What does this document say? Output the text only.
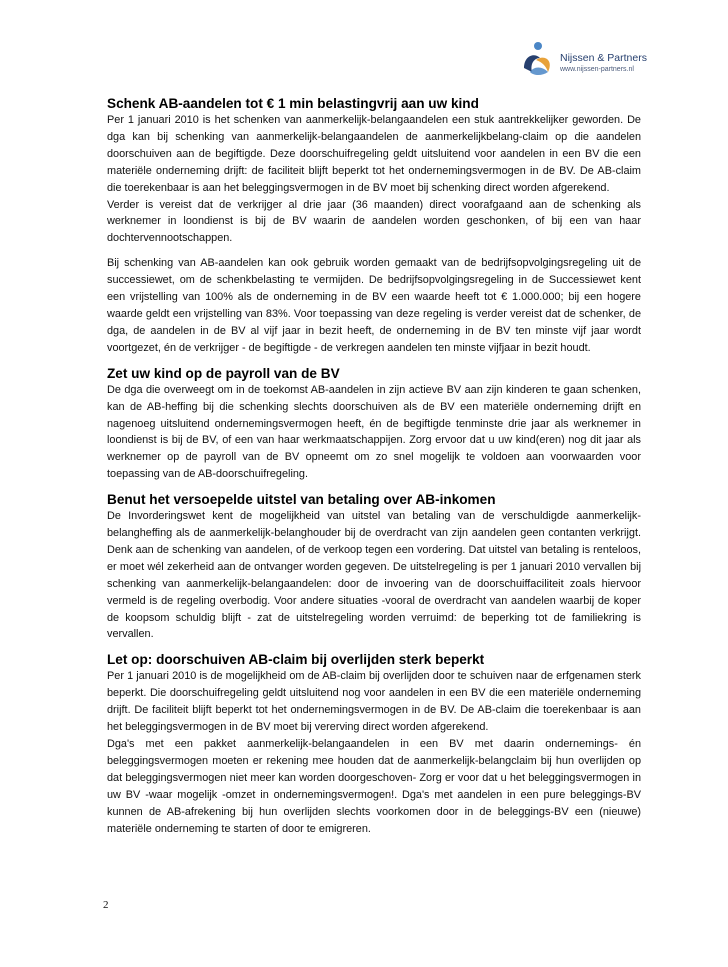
Nijssen & Partners
www.nijssen-partners.nl
Schenk AB-aandelen tot € 1 min belastingvrij aan uw kind

Per 1 januari 2010 is het schenken van aanmerkelijk-belangaandelen een stuk aantrekkelijker geworden. De dga kan bij schenking van aanmerkelijk-belangaandelen de aanmerkelijkbelang-claim op die aandelen doorschuiven aan de begiftigde. Deze doorschuifregeling geldt uitsluitend voor aandelen in een BV die een materiële onderneming drijft: de faciliteit blijft beperkt tot het ondernemingsvermogen in de BV. De AB-claim die toerekenbaar is aan het beleggingsvermogen in de BV moet bij schenking direct worden afgerekend.

Verder is vereist dat de verkrijger al drie jaar (36 maanden) direct voorafgaand aan de schenking als werknemer in loondienst is bij de BV waarin de aandelen worden geschonken, of bij een van haar dochtervennootschappen.

Bij schenking van AB-aandelen kan ook gebruik worden gemaakt van de bedrijfsopvolgingsregeling uit de successiewet, om de schenkbelasting te vermijden. De bedrijfsopvolgingsregeling in de Successiewet kent een vrijstelling van 100% als de onderneming in de BV een waarde heeft tot € 1.000.000; bij een hogere waarde geldt een vrijstelling van 83%. Voor toepassing van deze regeling is verder vereist dat de schenker, de dga, de aandelen in de BV al vijf jaar in bezit heeft, de onderneming in de BV ten minste vijf jaar wordt voortgezet, én de verkrijger - de begiftigde - de verkregen aandelen ten minste vijfjaar in bezit houdt.

Zet uw kind op de payroll van de BV

De dga die overweegt om in de toekomst AB-aandelen in zijn actieve BV aan zijn kinderen te gaan schenken, kan de AB-heffing bij die schenking slechts doorschuiven als de BV een materiële onderneming drijft en nagenoeg uitsluitend ondernemingsvermogen heeft, én de begiftigde tenminste drie jaar als werknemer in loondienst is bij de BV, of een van haar werkmaatschappijen. Zorg ervoor dat u uw kind(eren) nog dit jaar als werknemer op de payroll van de BV opneemt om zo snel mogelijk te voldoen aan voorwaarden voor toepassing van de AB-doorschuifregeling.

Benut het versoepelde uitstel van betaling over AB-inkomen

De Invorderingswet kent de mogelijkheid van uitstel van betaling van de verschuldigde aanmerkelijk-belangheffing als de aanmerkelijk-belanghouder bij de overdracht van zijn aandelen geen contanten verkrijgt. Denk aan de schenking van aandelen, of de verkoop tegen een vordering. Dat uitstel van betaling is renteloos, er moet wél zekerheid aan de ontvanger worden gegeven. De uitstelregeling is per 1 januari 2010 vervallen bij schenking van aanmerkelijk-belangaandelen: door de invoering van de doorschuiffaciliteit zoals hiervoor vermeld is de regeling overbodig. Voor andere situaties -vooral de overdracht van aandelen waarbij de koper de koopsom schuldig blijft - zat de uitstelregeling worden verruimd: de beperking tot de familiekring is vervallen.

Let op: doorschuiven AB-claim bij overlijden sterk beperkt

Per 1 januari 2010 is de mogelijkheid om de AB-claim bij overlijden door te schuiven naar de erfgenamen sterk beperkt. Die doorschuifregeling geldt uitsluitend nog voor aandelen in een BV die een materiële onderneming drijft. De faciliteit blijft beperkt tot het ondernemingsvermogen in de BV. De AB-claim die toerekenbaar is aan het beleggingsvermogen in de BV moet bij vererving direct worden afgerekend.

Dga's met een pakket aanmerkelijk-belangaandelen in een BV met daarin ondernemings- én beleggingsvermogen moeten er rekening mee houden dat de aanmerkelijk-belangclaim bij hun overlijden op dat beleggingsvermogen niet meer kan worden doorgeschoven- Zorg er voor dat u het beleggingsvermogen in uw BV -waar mogelijk -omzet in ondernemingsvermogen!. Dga's met aandelen in een pure beleggings-BV kunnen de AB-afrekening bij hun overlijden slechts voorkomen door in de beleggings-BV een (nieuwe) materiële onderneming te starten of door te emigreren.

2
